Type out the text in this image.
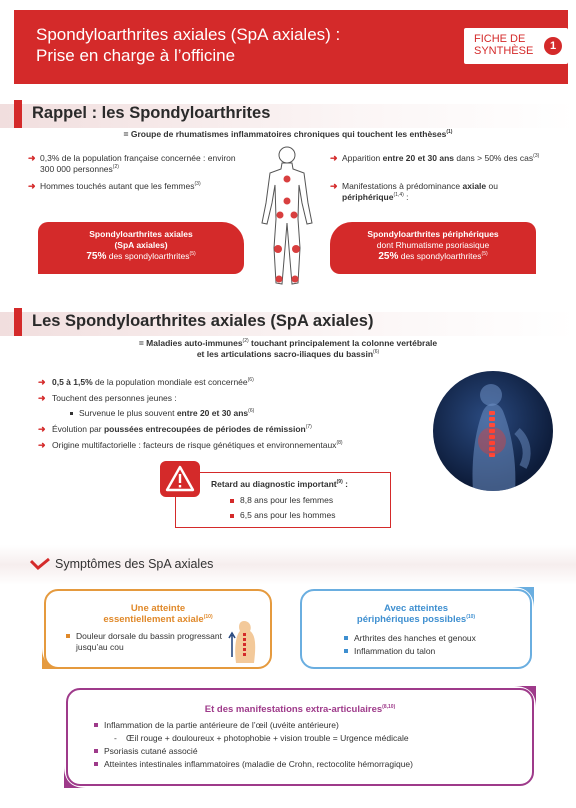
Spondyloarthrites axiales (SpA axiales) :
Prise en charge à l’officine
FICHE DE
SYNTHÈSE	1
Rappel : les Spondyloarthrites
= Groupe de rhumatismes inflammatoires chroniques qui touchent les enthèses$^{(1)}$
➜ 0,3% de la population française concernée : environ 300 000 personnes$^{(2)}$
➜ Hommes touchés autant que les femmes$^{(3)}$
➜ Apparition entre 20 et 30 ans dans > 50% des cas$^{(3)}$
➜ Manifestations à prédominance axiale ou périphérique$^{(1,4)}$ :
Spondyloarthrites axiales
(SpA axiales)
75% des spondyloarthrites$^{(5)}$
Spondyloarthrites périphériques
dont Rhumatisme psoriasique
25% des spondyloarthrites$^{(5)}$
Les Spondyloarthrites axiales (SpA axiales)
= Maladies auto-immunes$^{(2)}$ touchant principalement la colonne vertébrale
et les articulations sacro-iliaques du bassin$^{(6)}$
➜ 0,5 à 1,5% de la population mondiale est concernée$^{(6)}$
➜ Touchent des personnes jeunes :
Survenue le plus souvent entre 20 et 30 ans$^{(6)}$
➜ Évolution par poussées entrecoupées de périodes de rémission$^{(7)}$
➜ Origine multifactorielle : facteurs de risque génétiques et environnementaux$^{(8)}$
Retard au diagnostic important$^{(9)}$ :
8,8 ans pour les femmes
6,5 ans pour les hommes
Symptômes des SpA axiales
Une atteinte
essentiellement axiale$^{(10)}$
Douleur dorsale du bassin progressant jusqu’au cou
Avec atteintes
périphériques possibles$^{(10)}$
Arthrites des hanches et genoux
Inflammation du talon
Et des manifestations extra-articulaires$^{(8,10)}$
Inflammation de la partie antérieure de l’œil (uvéite antérieure)
- Œil rouge + douloureux + photophobie + vision trouble = Urgence médicale
Psoriasis cutané associé
Atteintes intestinales inflammatoires (maladie de Crohn, rectocolite hémorragique)
